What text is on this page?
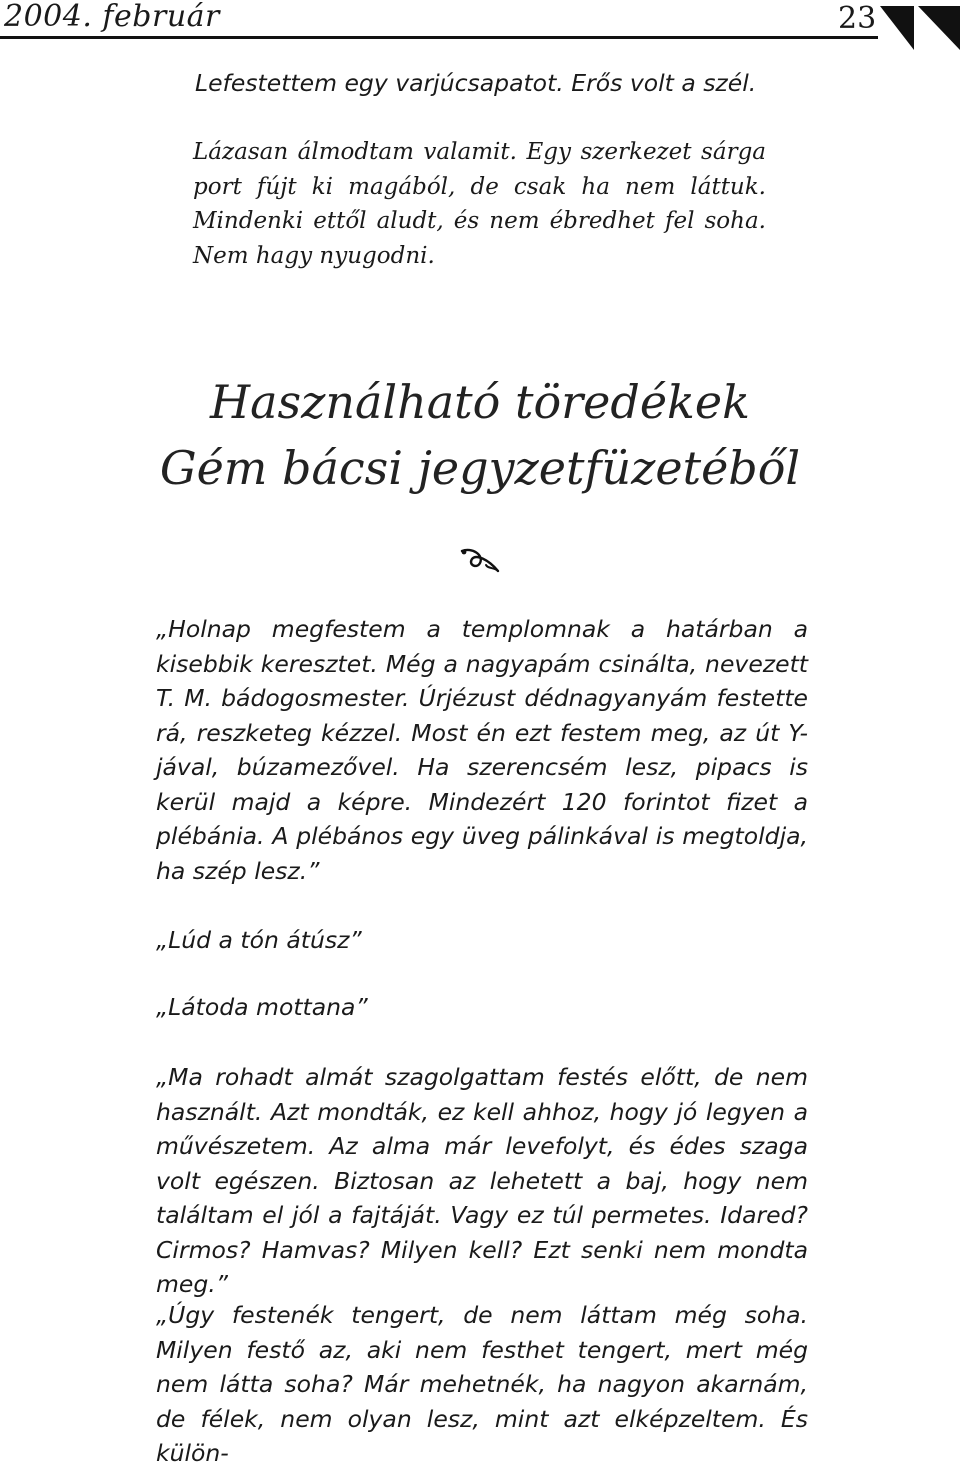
2004. február	23

Lefestettem egy varjúcsapatot. Erős volt a szél.

Lázasan álmodtam valamit. Egy szerkezet sárga port fújt ki magából, de csak ha nem láttuk. Mindenki ettől aludt, és nem ébredhet fel soha. Nem hagy nyugodni.

Használható töredékek
Gém bácsi jegyzetfüzetéből

„Holnap megfestem a templomnak a határban a kisebbik keresztet. Még a nagyapám csinálta, nevezett T. M. bádogosmester. Úrjézust dédnagyanyám festette rá, reszketeg kézzel. Most én ezt festem meg, az út Y-jával, búzamezővel. Ha szerencsém lesz, pipacs is kerül majd a képre. Mindezért 120 forintot fizet a plébánia. A plébános egy üveg pálinkával is megtoldja, ha szép lesz.”

„Lúd a tón átúsz”

„Látoda mottana”

„Ma rohadt almát szagolgattam festés előtt, de nem használt. Azt mondták, ez kell ahhoz, hogy jó legyen a művészetem. Az alma már levefolyt, és édes szaga volt egészen. Biztosan az lehetett a baj, hogy nem találtam el jól a fajtáját. Vagy ez túl permetes. Idared? Cirmos? Hamvas? Milyen kell? Ezt senki nem mondta meg.”

„Úgy festenék tengert, de nem láttam még soha. Milyen festő az, aki nem festhet tengert, mert még nem látta soha? Már mehetnék, ha nagyon akarnám, de félek, nem olyan lesz, mint azt elképzeltem. És külön-
